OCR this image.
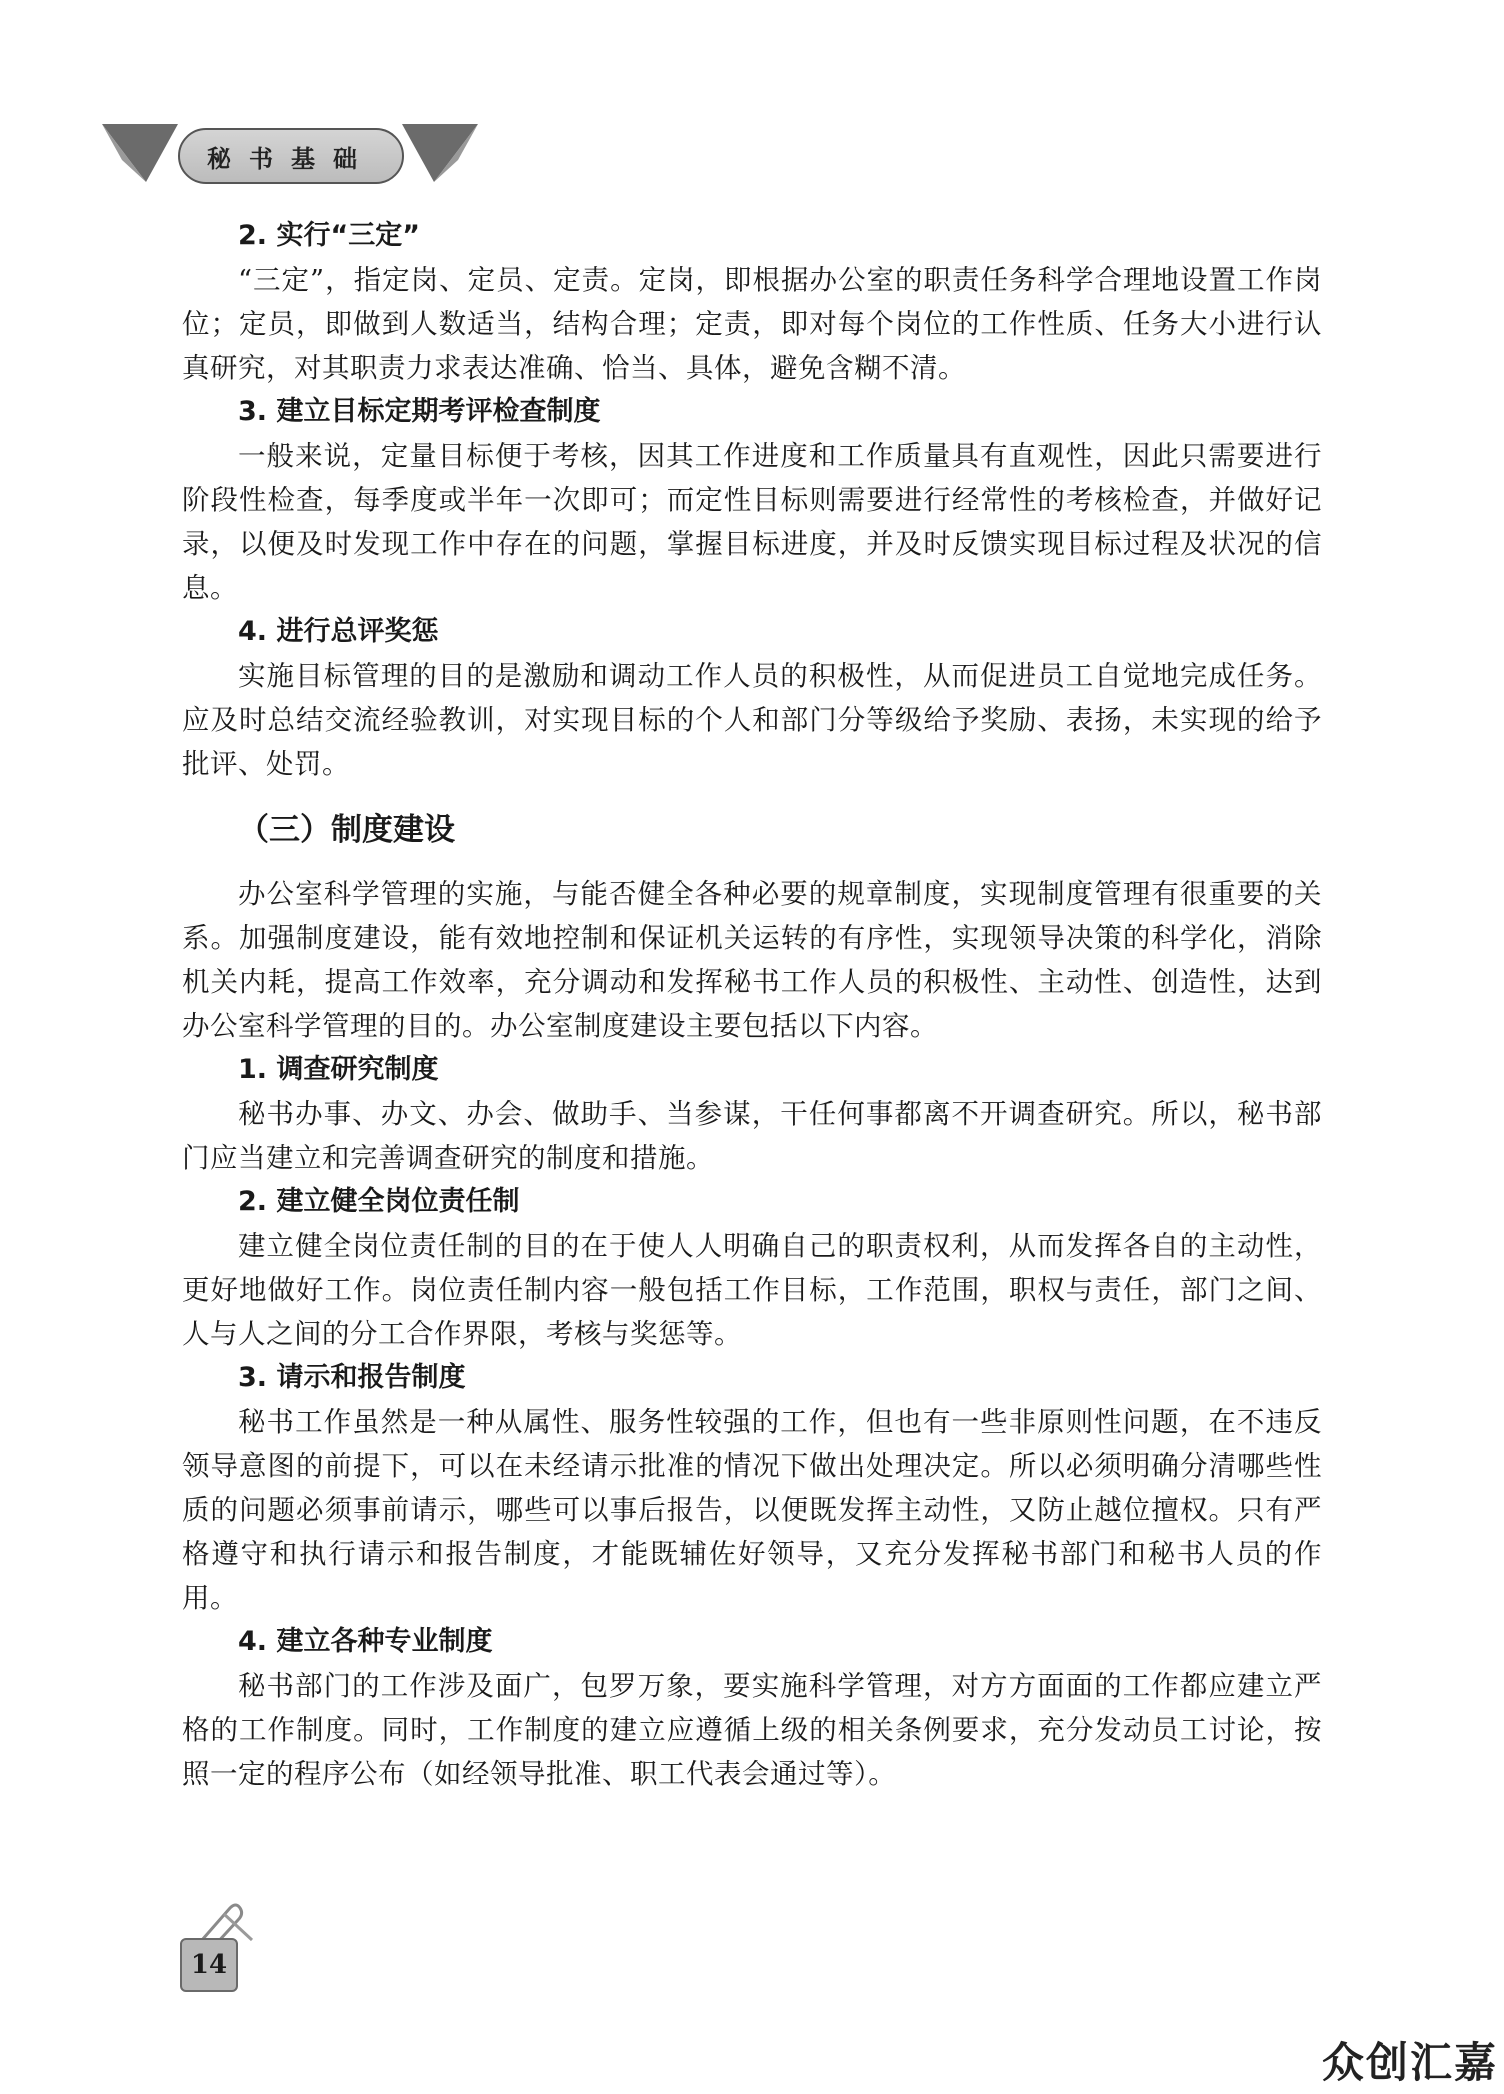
秘书基础

2. 实行“三定”

“三定”，指定岗、定员、定责。定岗，即根据办公室的职责任务科学合理地设置工作岗位；定员，即做到人数适当，结构合理；定责，即对每个岗位的工作性质、任务大小进行认真研究，对其职责力求表达准确、恰当、具体，避免含糊不清。

3. 建立目标定期考评检查制度

一般来说，定量目标便于考核，因其工作进度和工作质量具有直观性，因此只需要进行阶段性检查，每季度或半年一次即可；而定性目标则需要进行经常性的考核检查，并做好记录，以便及时发现工作中存在的问题，掌握目标进度，并及时反馈实现目标过程及状况的信息。

4. 进行总评奖惩

实施目标管理的目的是激励和调动工作人员的积极性，从而促进员工自觉地完成任务。应及时总结交流经验教训，对实现目标的个人和部门分等级给予奖励、表扬，未实现的给予批评、处罚。

（三）制度建设

办公室科学管理的实施，与能否健全各种必要的规章制度，实现制度管理有很重要的关系。加强制度建设，能有效地控制和保证机关运转的有序性，实现领导决策的科学化，消除机关内耗，提高工作效率，充分调动和发挥秘书工作人员的积极性、主动性、创造性，达到办公室科学管理的目的。办公室制度建设主要包括以下内容。

1. 调查研究制度

秘书办事、办文、办会、做助手、当参谋，干任何事都离不开调查研究。所以，秘书部门应当建立和完善调查研究的制度和措施。

2. 建立健全岗位责任制

建立健全岗位责任制的目的在于使人人明确自己的职责权利，从而发挥各自的主动性，更好地做好工作。岗位责任制内容一般包括工作目标，工作范围，职权与责任，部门之间、人与人之间的分工合作界限，考核与奖惩等。

3. 请示和报告制度

秘书工作虽然是一种从属性、服务性较强的工作，但也有一些非原则性问题，在不违反领导意图的前提下，可以在未经请示批准的情况下做出处理决定。所以必须明确分清哪些性质的问题必须事前请示，哪些可以事后报告，以便既发挥主动性，又防止越位擅权。只有严格遵守和执行请示和报告制度，才能既辅佐好领导，又充分发挥秘书部门和秘书人员的作用。

4. 建立各种专业制度

秘书部门的工作涉及面广，包罗万象，要实施科学管理，对方方面面的工作都应建立严格的工作制度。同时，工作制度的建立应遵循上级的相关条例要求，充分发动员工讨论，按照一定的程序公布（如经领导批准、职工代表会通过等）。

14
众创汇嘉
